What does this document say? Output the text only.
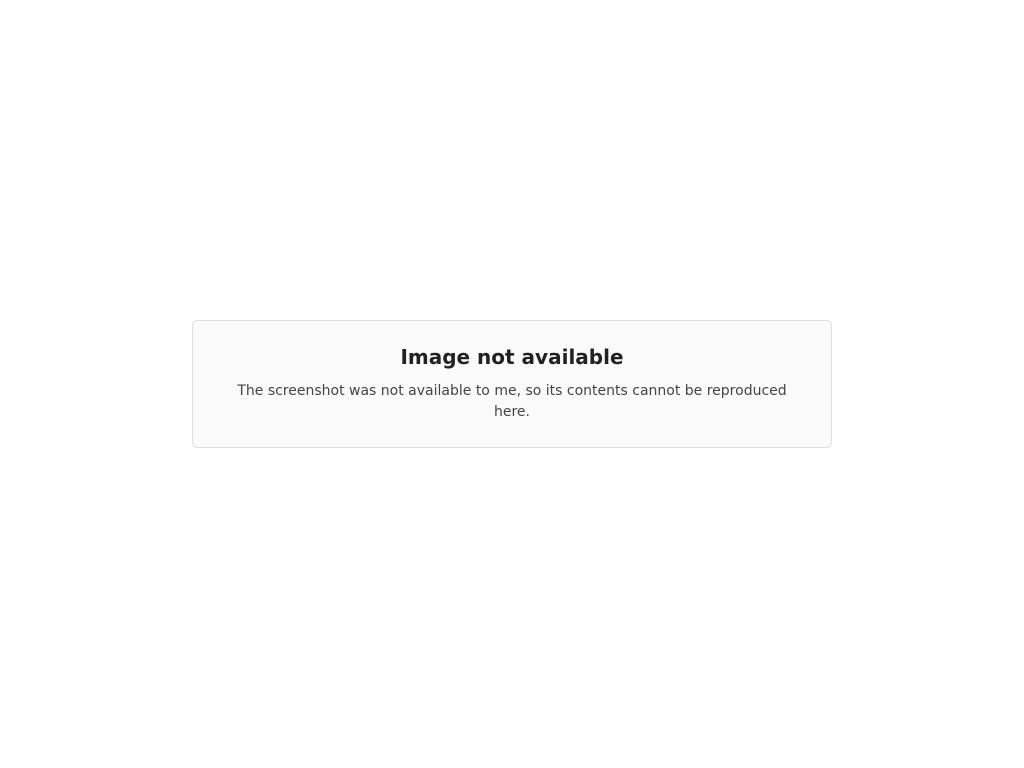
Image not available

The screenshot was not available to me, so its contents cannot be reproduced here.
